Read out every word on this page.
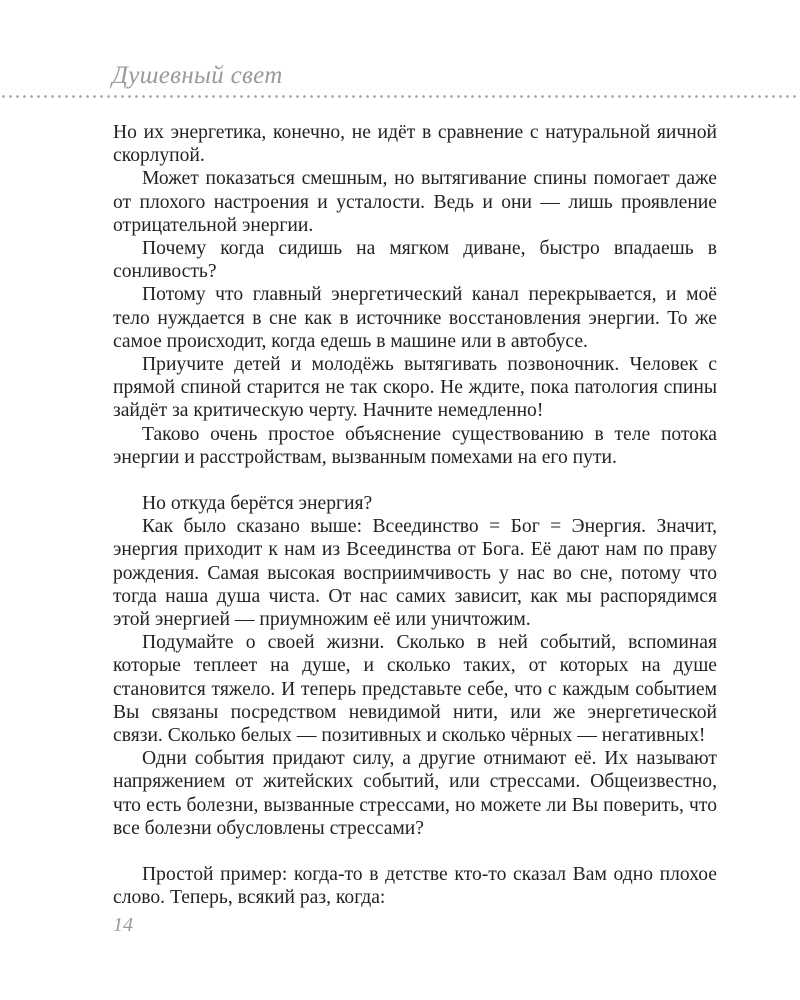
Душевный свет

Но их энергетика, конечно, не идёт в сравнение с натуральной яичной скорлупой.

Может показаться смешным, но вытягивание спины помогает даже от плохого настроения и усталости. Ведь и они — лишь проявление отрицательной энергии.

Почему когда сидишь на мягком диване, быстро впадаешь в сонливость?

Потому что главный энергетический канал перекрывается, и моё тело нуждается в сне как в источнике восстановления энергии. То же самое происходит, когда едешь в машине или в автобусе.

Приучите детей и молодёжь вытягивать позвоночник. Человек с прямой спиной старится не так скоро. Не ждите, пока патология спины зайдёт за критическую черту. Начните немедленно!

Таково очень простое объяснение существованию в теле потока энергии и расстройствам, вызванным помехами на его пути.

Но откуда берётся энергия?

Как было сказано выше: Всеединство = Бог = Энергия. Значит, энергия приходит к нам из Всеединства от Бога. Её дают нам по праву рождения. Самая высокая восприимчивость у нас во сне, потому что тогда наша душа чиста. От нас самих зависит, как мы распорядимся этой энергией — приумножим её или уничтожим.

Подумайте о своей жизни. Сколько в ней событий, вспоминая которые теплеет на душе, и сколько таких, от которых на душе становится тяжело. И теперь представьте себе, что с каждым событием Вы связаны посредством невидимой нити, или же энергетической связи. Сколько белых — позитивных и сколько чёрных — негативных!

Одни события придают силу, а другие отнимают её. Их называют напряжением от житейских событий, или стрессами. Общеизвестно, что есть болезни, вызванные стрессами, но можете ли Вы поверить, что все болезни обусловлены стрессами?

Простой пример: когда-то в детстве кто-то сказал Вам одно плохое слово. Теперь, всякий раз, когда:

14
